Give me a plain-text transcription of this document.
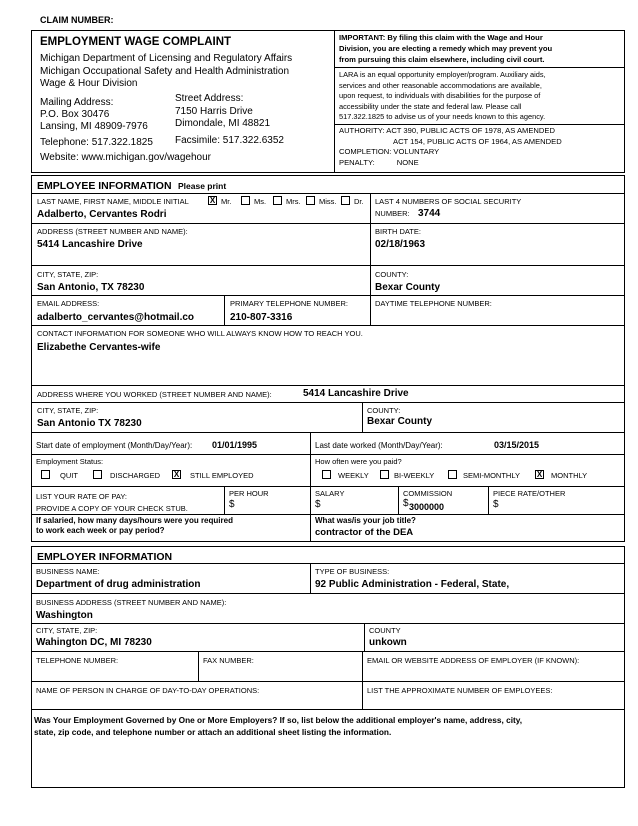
CLAIM NUMBER:
EMPLOYMENT WAGE COMPLAINT
Michigan Department of Licensing and Regulatory Affairs
Michigan Occupational Safety and Health Administration
Wage & Hour Division
Mailing Address:
P.O. Box 30476
Lansing, MI 48909-7976
Street Address:
7150 Harris Drive
Dimondale, MI 48821
Telephone: 517.322.1825 Facsimile: 517.322.6352
Website: www.michigan.gov/wagehour
IMPORTANT: By filing this claim with the Wage and Hour
Division, you are electing a remedy which may prevent you
from pursuing this claim elsewhere, including civil court.
LARA is an equal opportunity employer/program. Auxiliary aids,
services and other reasonable accommodations are available,
upon request, to individuals with disabilities for the purpose of
accessibility under the state and federal law. Please call
517.322.1825 to advise us of your needs known to this agency.
AUTHORITY: ACT 390, PUBLIC ACTS OF 1978, AS AMENDED
ACT 154, PUBLIC ACTS OF 1964, AS AMENDED
COMPLETION: VOLUNTARY
PENALTY:	NONE
EMPLOYEE INFORMATION Please print
LAST NAME, FIRST NAME, MIDDLE INITIAL	X Mr.	Ms.	Mrs. Miss. Dr.
Adalberto, Cervantes Rodri
LAST 4 NUMBERS OF SOCIAL SECURITY
NUMBER: 3744
ADDRESS (STREET NUMBER AND NAME):
5414 Lancashire Drive
BIRTH DATE:
02/18/1963
CITY, STATE, ZIP:
San Antonio, TX 78230
COUNTY:
Bexar County
EMAIL ADDRESS:
adalberto_cervantes@hotmail.co
PRIMARY TELEPHONE NUMBER:
210-807-3316
DAYTIME TELEPHONE NUMBER:
CONTACT INFORMATION FOR SOMEONE WHO WILL ALWAYS KNOW HOW TO REACH YOU.
Elizabethe Cervantes-wife
ADDRESS WHERE YOU WORKED (STREET NUMBER AND NAME):	5414 Lancashire Drive
CITY, STATE, ZIP:
San Antonio TX 78230
COUNTY:
Bexar County
Start date of employment (Month/Day/Year): 01/01/1995	Last date worked (Month/Day/Year):	03/15/2015
Employment Status:
QUIT	DISCHARGED X STILL EMPLOYED
How often were you paid?
WEEKLY	BI-WEEKLY	SEMI-MONTHLY X MONTHLY
LIST YOUR RATE OF PAY:
PROVIDE A COPY OF YOUR CHECK STUB.
PER HOUR
$
SALARY
$
COMMISSION
$ 3000000
PIECE RATE/OTHER
$
If salaried, how many days/hours were you required
to work each week or pay period?
What was/is your job title?
contractor of the DEA
EMPLOYER INFORMATION
BUSINESS NAME:
Department of drug administration
TYPE OF BUSINESS:
92 Public Administration - Federal, State,
BUSINESS ADDRESS (STREET NUMBER AND NAME):
Washington
CITY, STATE, ZIP:
Wahington DC, MI 78230
COUNTY
unkown
TELEPHONE NUMBER:	FAX NUMBER:	EMAIL OR WEBSITE ADDRESS OF EMPLOYER (IF KNOWN):
NAME OF PERSON IN CHARGE OF DAY-TO-DAY OPERATIONS:	LIST THE APPROXIMATE NUMBER OF EMPLOYEES:
Was Your Employment Governed by One or More Employers? If so, list below the additional employer's name, address, city,
state, zip code, and telephone number or attach an additional sheet listing the information.
